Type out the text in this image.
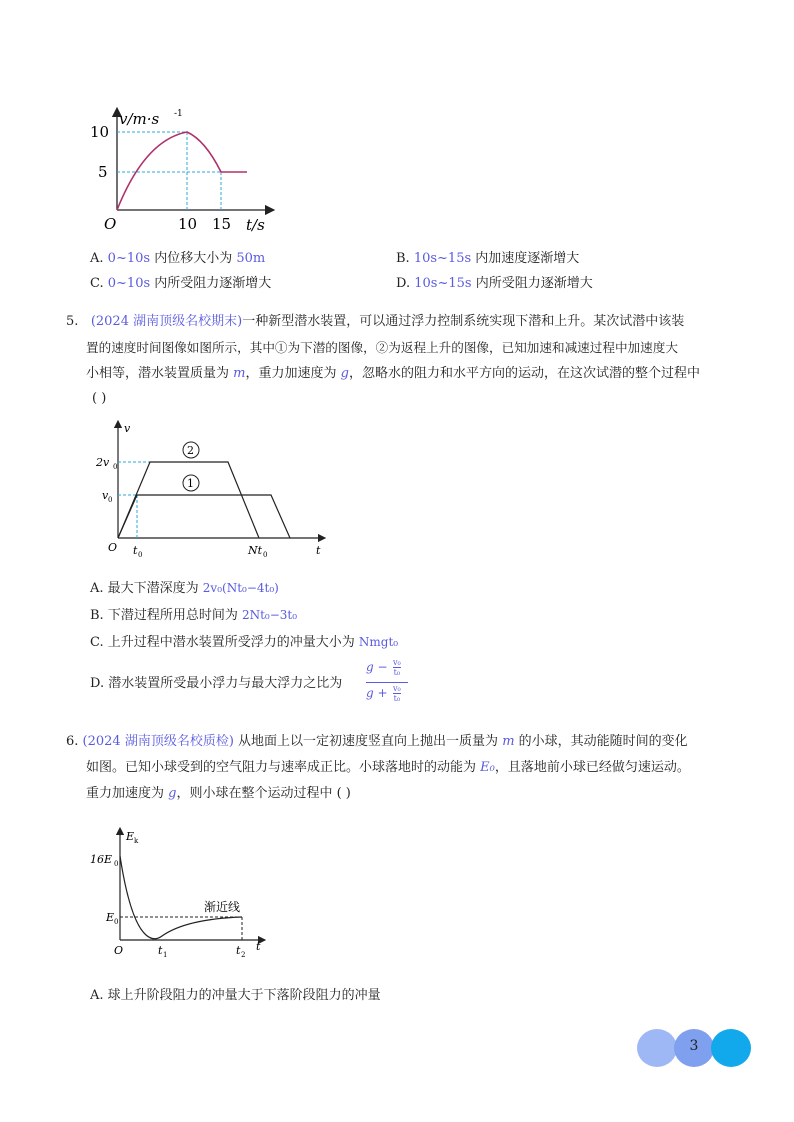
v/m·s -1
10
5
O	10 15 t/s
A. 0~10s 内位移大小为 50m	B. 10s~15s 内加速度逐渐增大
C. 0~10s 内所受阻力逐渐增大	D. 10s~15s 内所受阻力逐渐增大
5. (2024 湖南顶级名校期末)一种新型潜水装置，可以通过浮力控制系统实现下潜和上升。某次试潜中该装
置的速度时间图像如图所示，其中①为下潜的图像，②为返程上升的图像，已知加速和减速过程中加速度大
小相等，潜水装置质量为 m，重力加速度为 g，忽略水的阻力和水平方向的运动，在这次试潜的整个过程中
( )
2
1
v
2v 0
v 0
O t 0	Nt 0	t
A. 最大下潜深度为 2v₀(Nt₀−4t₀)
B. 下潜过程所用总时间为 2Nt₀−3t₀
C. 上升过程中潜水装置所受浮力的冲量大小为 Nmgt₀
D. 潜水装置所受最小浮力与最大浮力之比为
g − v₀
t₀
g + v₀
t₀
6. (2024 湖南顶级名校质检) 从地面上以一定初速度竖直向上抛出一质量为 m 的小球，其动能随时间的变化
如图。已知小球受到的空气阻力与速率成正比。小球落地时的动能为 E₀，且落地前小球已经做匀速运动。
重力加速度为 g，则小球在整个运动过程中 ( )
E k
16E 0
E 0
O	t 1	t 2
t
渐近线
A. 球上升阶段阻力的冲量大于下落阶段阻力的冲量
3
